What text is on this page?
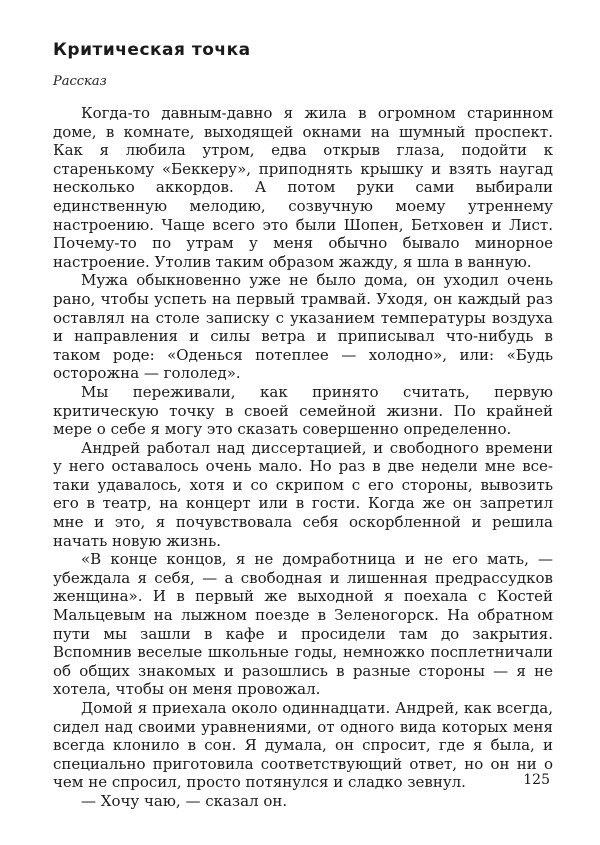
Критическая точка
Рассказ

Когда-то давным-давно я жила в огромном старинном доме, в комнате, выходящей окнами на шумный проспект. Как я любила утром, едва открыв глаза, подойти к старенькому «Беккеру», приподнять крышку и взять наугад несколько аккордов. А потом руки сами выбирали единственную мелодию, созвучную моему утреннему настроению. Чаще всего это были Шопен, Бетховен и Лист. Почему-то по утрам у меня обычно бывало минорное настроение. Утолив таким образом жажду, я шла в ванную.

Мужа обыкновенно уже не было дома, он уходил очень рано, чтобы успеть на первый трамвай. Уходя, он каждый раз оставлял на столе записку с указанием температуры воздуха и направления и силы ветра и приписывал что-нибудь в таком роде: «Оденься потеплее — холодно», или: «Будь осторожна — гололед».

Мы переживали, как принято считать, первую критическую точку в своей семейной жизни. По крайней мере о себе я могу это сказать совершенно определенно.

Андрей работал над диссертацией, и свободного времени у него оставалось очень мало. Но раз в две недели мне все-таки удавалось, хотя и со скрипом с его стороны, вывозить его в театр, на концерт или в гости. Когда же он запретил мне и это, я почувствовала себя оскорбленной и решила начать новую жизнь.

«В конце концов, я не домработница и не его мать, — убеждала я себя, — а свободная и лишенная предрассудков женщина». И в первый же выходной я поехала с Костей Мальцевым на лыжном поезде в Зеленогорск. На обратном пути мы зашли в кафе и просидели там до закрытия. Вспомнив веселые школьные годы, немножко посплетничали об общих знакомых и разошлись в разные стороны — я не хотела, чтобы он меня провожал.

Домой я приехала около одиннадцати. Андрей, как всегда, сидел над своими уравнениями, от одного вида которых меня всегда клонило в сон. Я думала, он спросит, где я была, и специально приготовила соответствующий ответ, но он ни о чем не спросил, просто потянулся и сладко зевнул.

— Хочу чаю, — сказал он.

125
